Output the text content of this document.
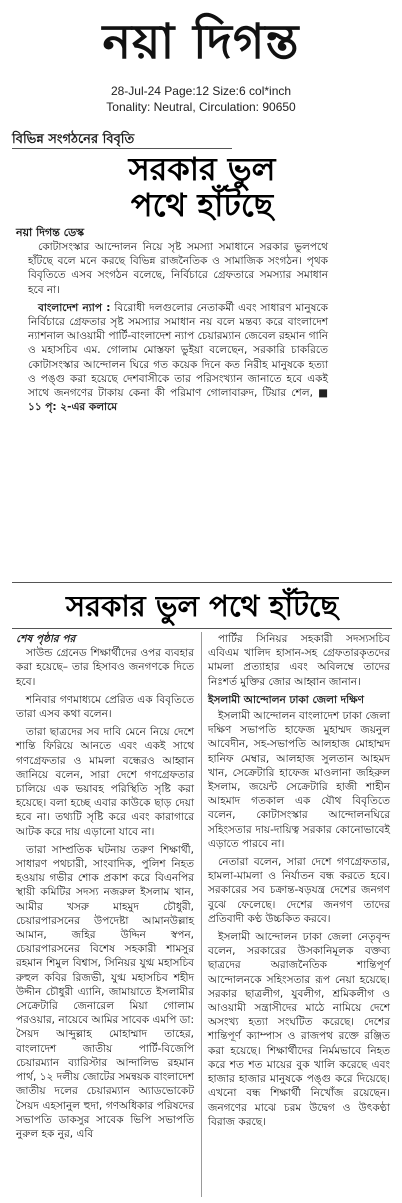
নয়া দিগন্ত
28-Jul-24 Page:12 Size:6 col*inch
Tonality: Neutral, Circulation: 90650
বিভিন্ন সংগঠনের বিবৃতি
সরকার ভুল
পথে হাঁটছে
নয়া দিগন্ত ডেস্ক

কোটাসংস্কার আন্দোলন নিয়ে সৃষ্ট সমস্যা সমাধানে সরকার ভুলপথে হাঁটছে বলে মনে করছে বিভিন্ন রাজনৈতিক ও সামাজিক সংগঠন। পৃথক বিবৃতিতে এসব সংগঠন বলেছে, নির্বিচারে গ্রেফতারে সমস্যার সমাধান হবে না।

বাংলাদেশ ন্যাপ : বিরোধী দলগুলোর নেতাকর্মী এবং সাধারণ মানুষকে নির্বিচারে গ্রেফতার সৃষ্ট সমস্যার সমাধান নয় বলে মন্তব্য করে বাংলাদেশ ন্যাশনাল আওয়ামী পার্টি-বাংলাদেশ ন্যাপ চেয়ারম্যান জেবেল রহমান গানি ও মহাসচিব এম. গোলাম মোস্তফা ভুইয়া বলেছেন, সরকারি চাকরিতে কোটাসংস্কার আন্দোলন ঘিরে গত কয়েক দিনে কত নিরীহ মানুষকে হত্যা ও পঙ্গু করা হয়েছে দেশবাসীকে তার পরিসংখ্যান জানাতে হবে একই সাথে জনগণের টাকায় কেনা কী পরিমাণ গোলাবারুদ, টিয়ার শেল, ■ ১১ পৃ: ২-এর কলামে

সরকার ভুল পথে হাঁটছে
শেষ পৃষ্ঠার পর

সাউন্ড গ্রেনেড শিক্ষার্থীদের ওপর ব্যবহার করা হয়েছে– তার হিসাবও জনগণকে দিতে হবে।

শনিবার গণমাধ্যমে প্রেরিত এক বিবৃতিতে তারা এসব কথা বলেন।

তারা ছাত্রদের সব দাবি মেনে নিয়ে দেশে শান্তি ফিরিয়ে আনতে এবং একই সাথে গণগ্রেফতার ও মামলা বন্ধেরও আহ্বান জানিয়ে বলেন, সারা দেশে গণগ্রেফতার চালিয়ে এক ভয়াবহ পরিস্থিতি সৃষ্টি করা হয়েছে। বলা হচ্ছে এবার কাউকে ছাড় দেয়া হবে না। তথ্যটি সৃষ্টি করে এবং কারাগারে আটক করে দায় এড়ানো যাবে না।

তারা সাম্প্রতিক ঘটনায় তরুণ শিক্ষার্থী, সাধারণ পথচারী, সাংবাদিক, পুলিশ নিহত হওয়ায় গভীর শোক প্রকাশ করে বিএনপির স্থায়ী কমিটির সদস্য নজরুল ইসলাম খান, আমীর খসরু মাহমুদ চৌধুরী, চেয়ারপারসনের উপদেষ্টা আমানউল্লাহ আমান, জহির উদ্দিন স্বপন, চেয়ারপারসনের বিশেষ সহকারী শামসুর রহমান শিমুল বিশ্বাস, সিনিয়র যুগ্ম মহাসচিব রুহুল কবির রিজভী, যুগ্ম মহাসচিব শহীদ উদ্দীন চৌধুরী এ্যানি, জামায়াতে ইসলামীর সেক্রেটারি জেনারেল মিয়া গোলাম পরওয়ার, নায়েবে আমির সাবেক এমপি ডা: সৈয়দ আব্দুল্লাহ মোহাম্মাদ তাহের, বাংলাদেশ জাতীয় পার্টি-বিজেপি চেয়ারম্যান ব্যারিস্টার আন্দালিভ রহমান পার্থ, ১২ দলীয় জোটের সমন্বয়ক বাংলাদেশ জাতীয় দলের চেয়ারম্যান অ্যাডভোকেট সৈয়দ এহসানুল হুদা, গণঅধিকার পরিষদের সভাপতি ডাকসুর সাবেক ভিপি সভাপতি নুরুল হক নুর, এবি

পার্টির সিনিয়র সহকারী সদস্যসচিব এবিএম খালিদ হাসান-সহ গ্রেফতারকৃতদের মামলা প্রত্যাহার এবং অবিলম্বে তাদের নিঃশর্ত মুক্তির জোর আহ্বান জানান।

ইসলামী আন্দোলন ঢাকা জেলা দক্ষিণ

ইসলামী আন্দোলন বাংলাদেশ ঢাকা জেলা দক্ষিণ সভাপতি হাফেজ মুহাম্মদ জয়নুল আবেদীন, সহ-সভাপতি আলহাজ মোহাম্মদ হানিফ মেম্বার, আলহাজ সুলতান আহমদ খান, সেক্রেটারি হাফেজ মাওলানা জহিরুল ইসলাম, জয়েন্ট সেক্রেটারি হাজী শাহীন আহমাদ গতকাল এক যৌথ বিবৃতিতে বলেন, কোটাসংস্কার আন্দোলনঘিরে সহিংসতার দায়-দায়িত্ব সরকার কোনোভাবেই এড়াতে পারবে না।

নেতারা বলেন, সারা দেশে গণগ্রেফতার, হামলা-মামলা ও নির্যাতন বন্ধ করতে হবে। সরকারের সব চক্রান্ত-ষড়যন্ত্র দেশের জনগণ বুঝে ফেলেছে। দেশের জনগণ তাদের প্রতিবাদী কণ্ঠ উচ্চকিত করবে।

ইসলামী আন্দোলন ঢাকা জেলা নেতৃবৃন্দ বলেন, সরকারের উসকানিমূলক বক্তব্য ছাত্রদের অরাজনৈতিক শান্তিপূর্ণ আন্দোলনকে সহিংসতার রূপ নেয়া হয়েছে। সরকার ছাত্রলীগ, যুবলীগ, শ্রমিকলীগ ও আওয়ামী সন্ত্রাসীদের মাঠে নামিয়ে দেশে অসংখ্য হত্যা সংঘটিত করেছে। দেশের শান্তিপূর্ণ ক্যাম্পাস ও রাজপথ রক্তে রঞ্জিত করা হয়েছে। শিক্ষার্থীদের নির্মমভাবে নিহত করে শত শত মায়ের বুক খালি করেছে এবং হাজার হাজার মানুষকে পঙ্গু করে দিয়েছে। এখনো বন্ধ শিক্ষার্থী নিখোঁজ রয়েছেন। জনগণের মাঝে চরম উদ্বেগ ও উৎকণ্ঠা বিরাজ করছে।
